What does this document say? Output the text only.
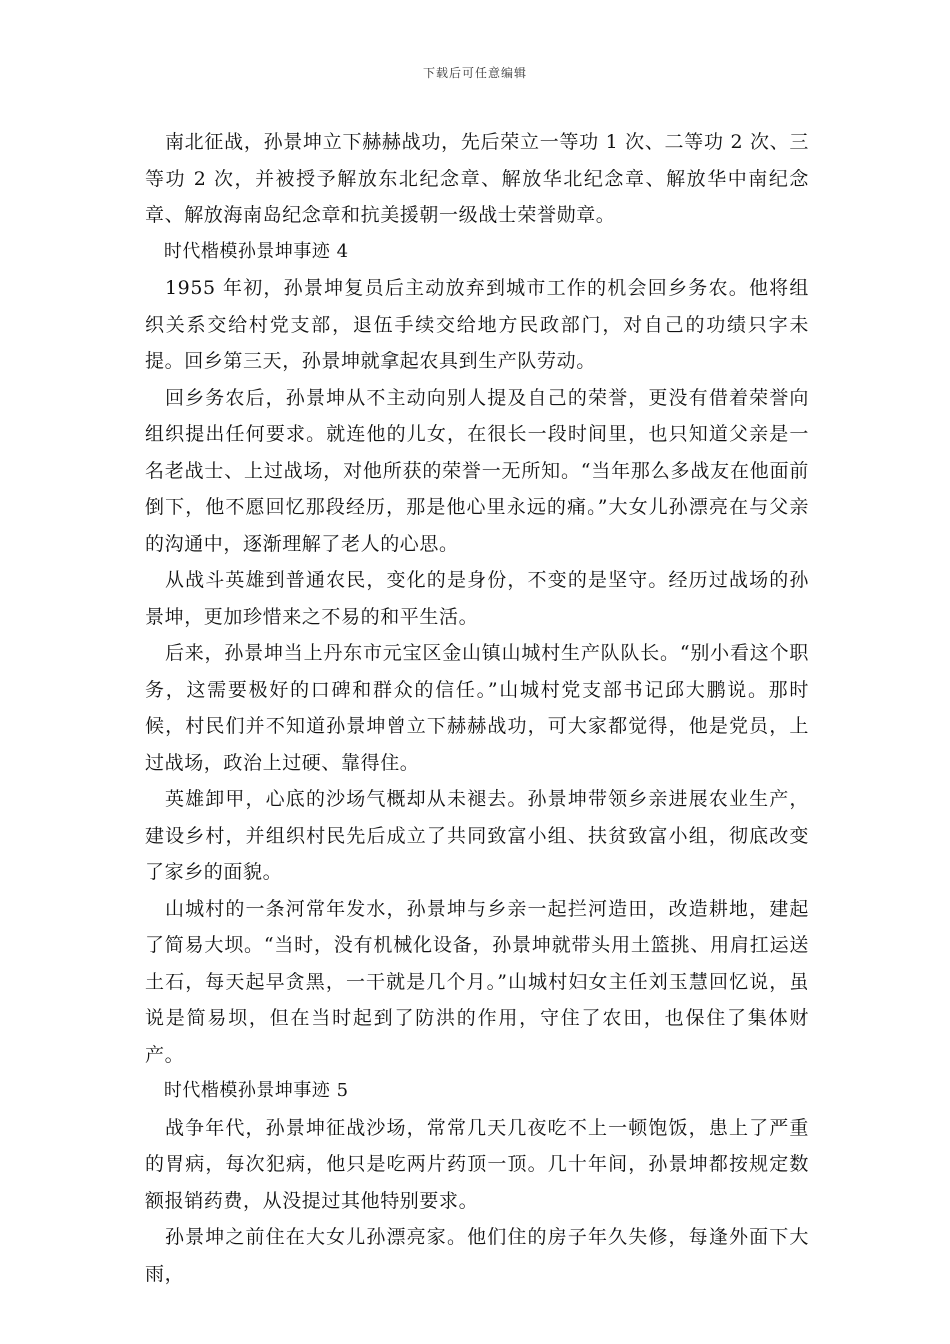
下载后可任意编辑

南北征战，孙景坤立下赫赫战功，先后荣立一等功 1 次、二等功 2 次、三等功 2 次，并被授予解放东北纪念章、解放华北纪念章、解放华中南纪念章、解放海南岛纪念章和抗美援朝一级战士荣誉勋章。

时代楷模孙景坤事迹 4

1955 年初，孙景坤复员后主动放弃到城市工作的机会回乡务农。他将组织关系交给村党支部，退伍手续交给地方民政部门，对自己的功绩只字未提。回乡第三天，孙景坤就拿起农具到生产队劳动。

回乡务农后，孙景坤从不主动向别人提及自己的荣誉，更没有借着荣誉向组织提出任何要求。就连他的儿女，在很长一段时间里，也只知道父亲是一名老战士、上过战场，对他所获的荣誉一无所知。“当年那么多战友在他面前倒下，他不愿回忆那段经历，那是他心里永远的痛。”大女儿孙漂亮在与父亲的沟通中，逐渐理解了老人的心思。

从战斗英雄到普通农民，变化的是身份，不变的是坚守。经历过战场的孙景坤，更加珍惜来之不易的和平生活。

后来，孙景坤当上丹东市元宝区金山镇山城村生产队队长。“别小看这个职务，这需要极好的口碑和群众的信任。”山城村党支部书记邱大鹏说。那时候，村民们并不知道孙景坤曾立下赫赫战功，可大家都觉得，他是党员，上过战场，政治上过硬、靠得住。

英雄卸甲，心底的沙场气概却从未褪去。孙景坤带领乡亲进展农业生产，建设乡村，并组织村民先后成立了共同致富小组、扶贫致富小组，彻底改变了家乡的面貌。

山城村的一条河常年发水，孙景坤与乡亲一起拦河造田，改造耕地，建起了简易大坝。“当时，没有机械化设备，孙景坤就带头用土篮挑、用肩扛运送土石，每天起早贪黑，一干就是几个月。”山城村妇女主任刘玉慧回忆说，虽说是简易坝，但在当时起到了防洪的作用，守住了农田，也保住了集体财产。

时代楷模孙景坤事迹 5

战争年代，孙景坤征战沙场，常常几天几夜吃不上一顿饱饭，患上了严重的胃病，每次犯病，他只是吃两片药顶一顶。几十年间，孙景坤都按规定数额报销药费，从没提过其他特别要求。

孙景坤之前住在大女儿孙漂亮家。他们住的房子年久失修，每逢外面下大雨，
